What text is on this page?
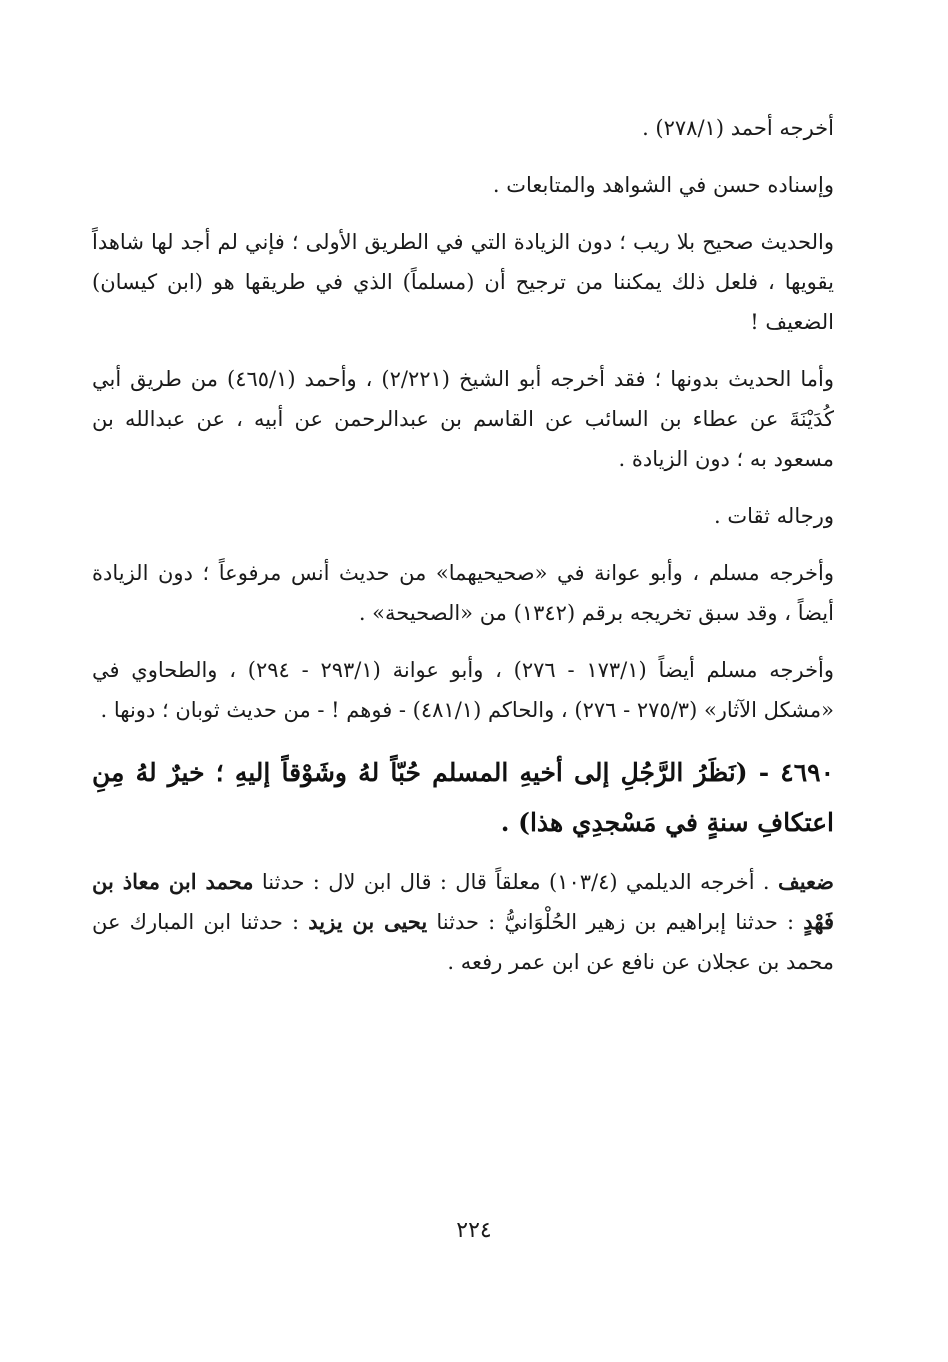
أخرجه أحمد (٢٧٨/١) .

وإسناده حسن في الشواهد والمتابعات .

والحديث صحيح بلا ريب ؛ دون الزيادة التي في الطريق الأولى ؛ فإني لم أجد لها شاهداً يقويها ، فلعل ذلك يمكننا من ترجيح أن (مسلماً) الذي في طريقها هو (ابن كيسان) الضعيف !

وأما الحديث بدونها ؛ فقد أخرجه أبو الشيخ (٢/٢٢١) ، وأحمد (٤٦٥/١) من طريق أبي كُدَيْنَةَ عن عطاء بن السائب عن القاسم بن عبدالرحمن عن أبيه ، عن عبدالله بن مسعود به ؛ دون الزيادة .

ورجاله ثقات .

وأخرجه مسلم ، وأبو عوانة في «صحيحيهما» من حديث أنس مرفوعاً ؛ دون الزيادة أيضاً ، وقد سبق تخريجه برقم (١٣٤٢) من «الصحيحة» .

وأخرجه مسلم أيضاً (١٧٣/١ - ٢٧٦) ، وأبو عوانة (٢٩٣/١ - ٢٩٤) ، والطحاوي في «مشكل الآثار» (٢٧٥/٣ - ٢٧٦) ، والحاكم (٤٨١/١) - فوهم ! - من حديث ثوبان ؛ دونها .

٤٦٩٠ - (نَظَرُ الرَّجُلِ إلى أخيهِ المسلم حُبّاً لهُ وشَوْقاً إليهِ ؛ خيرٌ لهُ مِنِ اعتكافِ سنةٍ في مَسْجدِي هذا) .

ضعيف . أخرجه الديلمي (١٠٣/٤) معلقاً قال : قال ابن لال : حدثنا محمد ابن معاذ بن فَهْدٍ : حدثنا إبراهيم بن زهير الحُلْوَانيُّ : حدثنا يحيى بن يزيد : حدثنا ابن المبارك عن محمد بن عجلان عن نافع عن ابن عمر رفعه .

٢٢٤
